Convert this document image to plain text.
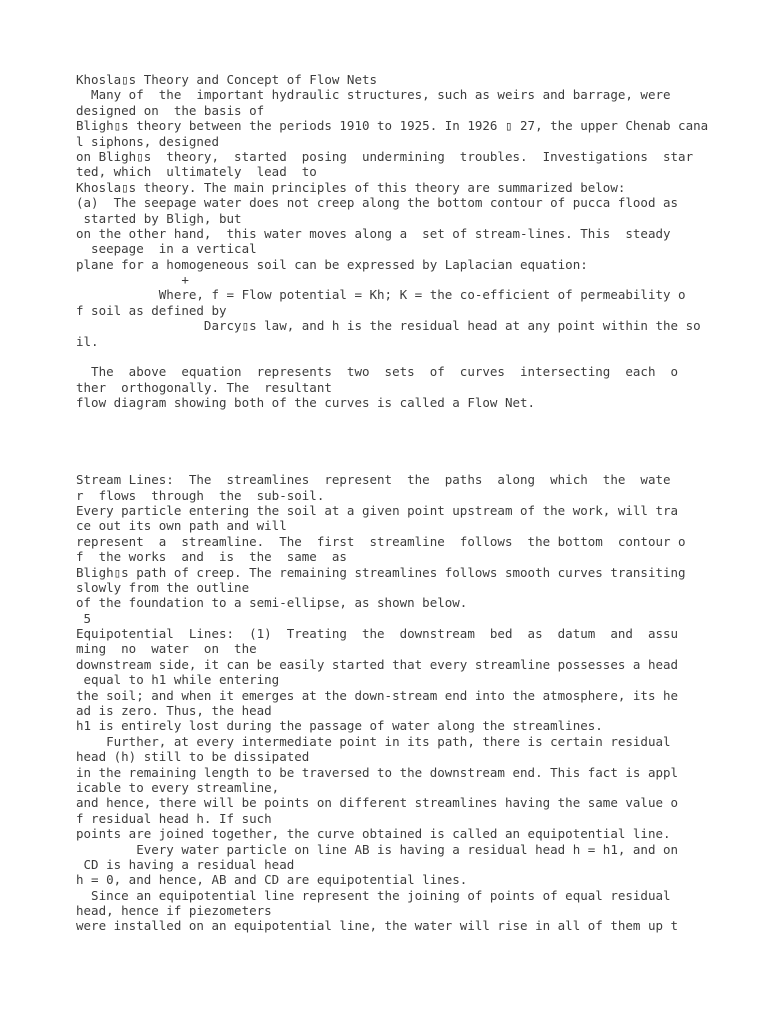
Khosla▯s Theory and Concept of Flow Nets
Many of  the  important hydraulic structures, such as weirs and barrage, were
designed on  the basis of
Bligh▯s theory between the periods 1910 to 1925. In 1926 ▯ 27, the upper Chenab cana
l siphons, designed
on Bligh▯s  theory,  started  posing  undermining  troubles.  Investigations  star
ted, which  ultimately  lead  to
Khosla▯s theory. The main principles of this theory are summarized below:
(a)  The seepage water does not creep along the bottom contour of pucca flood as
started by Bligh, but
on the other hand,  this water moves along a  set of stream-lines. This  steady
seepage  in a vertical
plane for a homogeneous soil can be expressed by Laplacian equation:
+
Where, f = Flow potential = Kh; K = the co-efficient of permeability o
f soil as defined by
Darcy▯s law, and h is the residual head at any point within the so
il.
The  above  equation  represents  two  sets  of  curves  intersecting  each  o
ther  orthogonally. The  resultant
flow diagram showing both of the curves is called a Flow Net.
Stream Lines:  The  streamlines  represent  the  paths  along  which  the  wate
r  flows  through  the  sub-soil.
Every particle entering the soil at a given point upstream of the work, will tra
ce out its own path and will
represent  a  streamline.  The  first  streamline  follows  the bottom  contour o
f  the works  and  is  the  same  as
Bligh▯s path of creep. The remaining streamlines follows smooth curves transiting
slowly from the outline
of the foundation to a semi-ellipse, as shown below.
5
Equipotential  Lines:  (1)  Treating  the  downstream  bed  as  datum  and  assu
ming  no  water  on  the
downstream side, it can be easily started that every streamline possesses a head
equal to h1 while entering
the soil; and when it emerges at the down-stream end into the atmosphere, its he
ad is zero. Thus, the head
h1 is entirely lost during the passage of water along the streamlines.
Further, at every intermediate point in its path, there is certain residual
head (h) still to be dissipated
in the remaining length to be traversed to the downstream end. This fact is appl
icable to every streamline,
and hence, there will be points on different streamlines having the same value o
f residual head h. If such
points are joined together, the curve obtained is called an equipotential line.
Every water particle on line AB is having a residual head h = h1, and on
CD is having a residual head
h = 0, and hence, AB and CD are equipotential lines.
Since an equipotential line represent the joining of points of equal residual
head, hence if piezometers
were installed on an equipotential line, the water will rise in all of them up t
